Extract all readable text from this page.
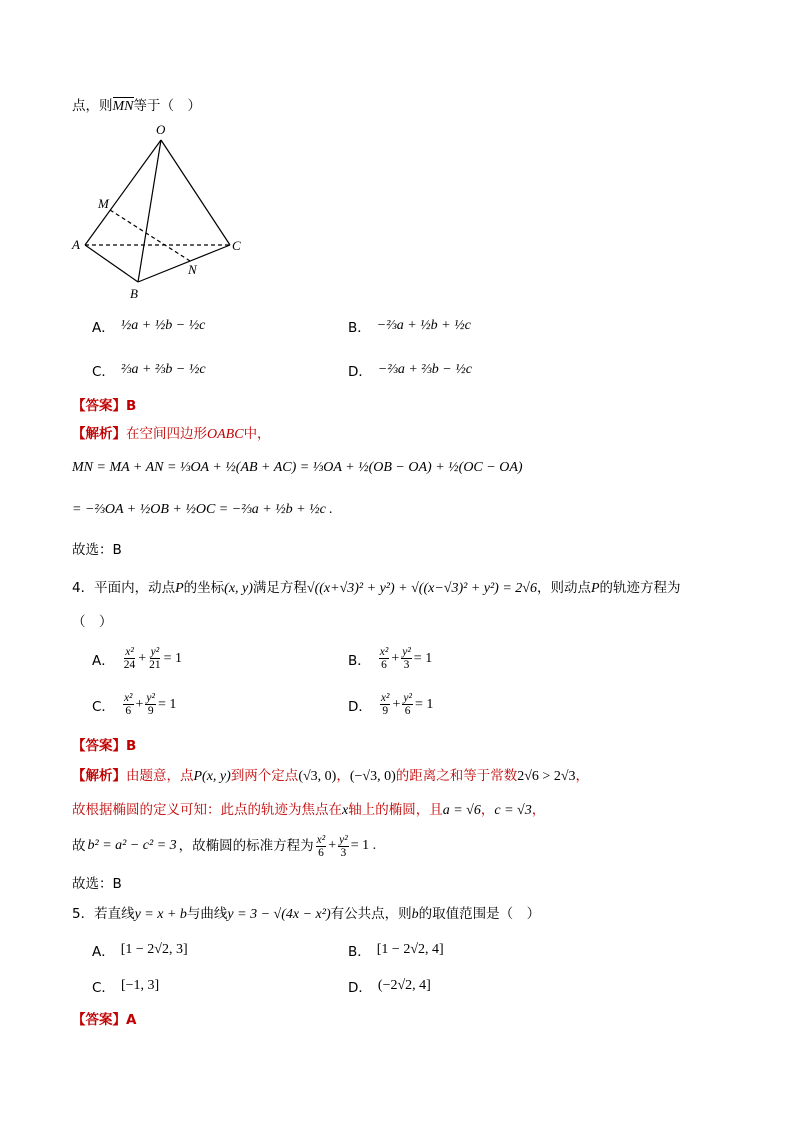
点，则MN等于（　）
O
M
A	C
N
B
A． ½a + ½b − ½c	B． −⅔a + ½b + ½c
C． ⅔a + ⅔b − ½c	D． −⅔a + ⅔b − ½c
【答案】B
【解析】在空间四边形OABC中，
MN = MA + AN = ⅓OA + ½(AB + AC) = ⅓OA + ½(OB − OA) + ½(OC − OA)
= −⅔OA + ½OB + ½OC = −⅔a + ½b + ½c .
故选：B
4．平面内，动点P的坐标(x, y)满足方程√((x+√3)² + y²) + √((x−√3)² + y²) = 2√6，则动点P的轨迹方程为
（　）
A． $\frac{\text{x²}}{24} + \frac{\text{y²}}{21} = 1$	B． $\frac{\text{x²}}{6} + \frac{\text{y²}}{3} = 1$
C． $\frac{\text{x²}}{6} + \frac{\text{y²}}{9} = 1$	D． $\frac{\text{x²}}{9} + \frac{\text{y²}}{6} = 1$
【答案】B
【解析】由题意，点P(x, y)到两个定点(√3, 0)，(−√3, 0)的距离之和等于常数2√6 > 2√3，
故根据椭圆的定义可知：此点的轨迹为焦点在x轴上的椭圆，且a = √6，c = √3，
故 b² = a² − c² = 3 ，故椭圆的标准方程为 $\frac{\text{x²}}{6} + \frac{\text{y²}}{3} = 1$ .
故选：B
5．若直线y = x + b与曲线y = 3 − √(4x − x²)有公共点，则b的取值范围是（　）
A． [1 − 2√2, 3]	B． [1 − 2√2, 4]
C． [−1, 3]	D． (−2√2, 4]
【答案】A
